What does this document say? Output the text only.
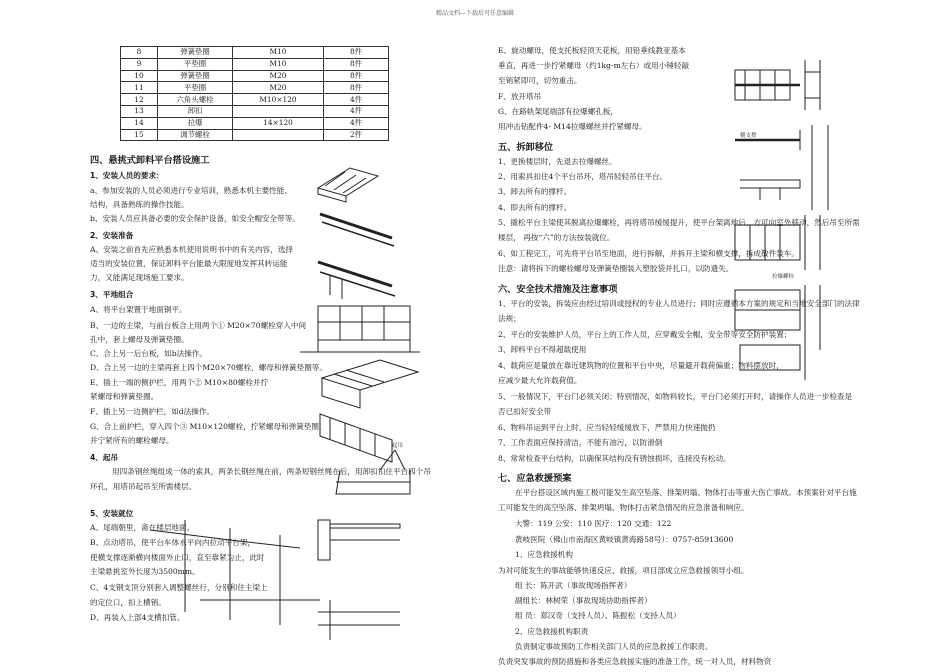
精品文档---下载后可任意编辑
8	弹簧垫圈	M10	8件
9	平垫圈	M10	8件
10	弹簧垫圈	M20	8件
11	平垫圈	M20	8件
12	六角头螺栓	M10×120	4件
13	卸扣		4件
14	拉爆	14×120	4件
15	调节螺栓		2件
四、悬挑式卸料平台搭设施工
1、安装人员的要求：
a、参加安装的人员必须进行专业培训，熟悉本机主要性能、
结构，具备熟练的操作技能。
b、安装人员应具备必要的安全保护设备，如安全帽安全带等。
2、安装准备
A、安装之前首先应熟悉本机使用说明书中的有关内容，选择
适当的安装位置，保证卸料平台能最大限度地发挥其转运能
力，又能满足现场施工要求。
3、平地组合
A、将平台架置于地面铜平。
B、一边的主梁，与前台板合上用两个① M20×70螺栓穿入中间
孔中，套上螺母及弹簧垫圈。
C、合上另一后台板，如b法操作。
D、合上另一边的主梁再套上四个M20×70螺栓、螺母和弹簧垫圈等。
E、插上一端的侧护栏，用两个② M10×80螺栓并拧
紧螺母和弹簧垫圈。
F、插上另一边侧护栏，如d法操作。
G、合上前护栏，穿入四个③ M10×120螺栓，拧紧螺母和弹簧垫圈，
并宁紧所有的螺栓螺母。
4、起吊
用四条钢丝绳组成一体的索具，两条长钢丝绳在前，两条短钢丝绳在后，用卸扣扣住平台四个吊
环孔，用塔吊起吊至所需楼层。
5、安装就位
A、尾端朝里，斋在楼层地面。
B、点动塔吊，使平台车体水平向内拉动平台架，
使横支撑逐渐横向楼面外止口，直至靠紧为止，此时
主梁悬挑室外长度为3500mm。
C、4支钢支顶分别套入调整螺丝行，分别和住主梁上
的定位口，扣上横销。
D、再装入上部4支横扣管。
E、旋动螺母，使支托板轻顶天花板，用铅垂线教亚基本
垂直，再进一步拧紧螺母（约1kg-m左右）或用小锤轻敲
至销紧即可，切勿重击。
F、放开塔吊
G、在路轨架尾端部有拉爆螺孔板，
用冲击钻配件4- M14拉爆螺丝并拧紧螺母。
五、拆卸移位
1、更换楼层时，先退去拉爆螺丝。
2、用索具扣住4个平台吊环，塔吊轻轻吊住平台。
3、卸去所有的撑杆。
4、即去所有的撑杆。
5、撬松平台主梁使其脱离拉爆螺栓，再将塔吊缓缓提升，使平台架离地后，方可向室外移动，然后吊至所需
楼层， 再按“六”的方法按装就位。
6、如工程完工，可先将平台吊至地面，进行拆解，并拆开主梁和横支撑，拆成散件装车。
注意：请将拆下的螺栓螺母及弹簧垫圈装入塑胶袋并扎口，以防遗失。
六、安全技术措施及注意事项
1、平台的安装，拆装应由经过培训或授权的专业人员进行；同时应遵循本方案的规定和当地安全部门的法律
法规；
2、平台的安装维护人员，平台上的工作人员，应穿戴安全帽，安全带等安全防护装置；
3、卸料平台不得超载使用
4、载荷应是量放在靠近建筑物的位置和平台中央，尽量避开载荷偏重；物料摆放时，
应减少最大允许载荷值。
5、一般情况下，平台门必须关闭；特别情况，如物料较长，平台门必须打开时，请操作人员进一步检查是
否已扣好安全带
6、物料吊运到平台上时，应当轻轻缓缓放下，严禁用力快速抛扔
7、工作表面应保持清洁，不能有油污，以防滑倒
8、常常检查平台结构，以确保其结构没有锈蚀损坏，连接没有松动。
七、应急救援预案
在平台搭设区域内施工极可能发生高空坠落、排架坍塌、物体打击等重大伤亡事故。本预案针对平台施
工可能发生的高空坠落、排架坍塌、物体打击紧急情况的应急准备和响应。
大警：119 公安：110 医疗：120 交通：122
黄岐医院（佛山市南海区黄岐镇黄海路58号）：0757-85913600
1、应急救援机构
为对可能发生的事故能够快速反应、救援，项目部成立应急救援领导小组。
组 长：陈开武（事故现场指挥者）
副组长：林树荣（事故现场协助指挥者）
组 员：郑汉奇（支持人员）、陈振松（支持人员）
2、应急救援机构职责
负责制定事故预防工作相关部门人员的应急救援工作职责。
负责突发事故的预防措施和各类应急救援实施的准备工作，统一对人员，材料物资
横支撑
起吊
拉爆螺栓
